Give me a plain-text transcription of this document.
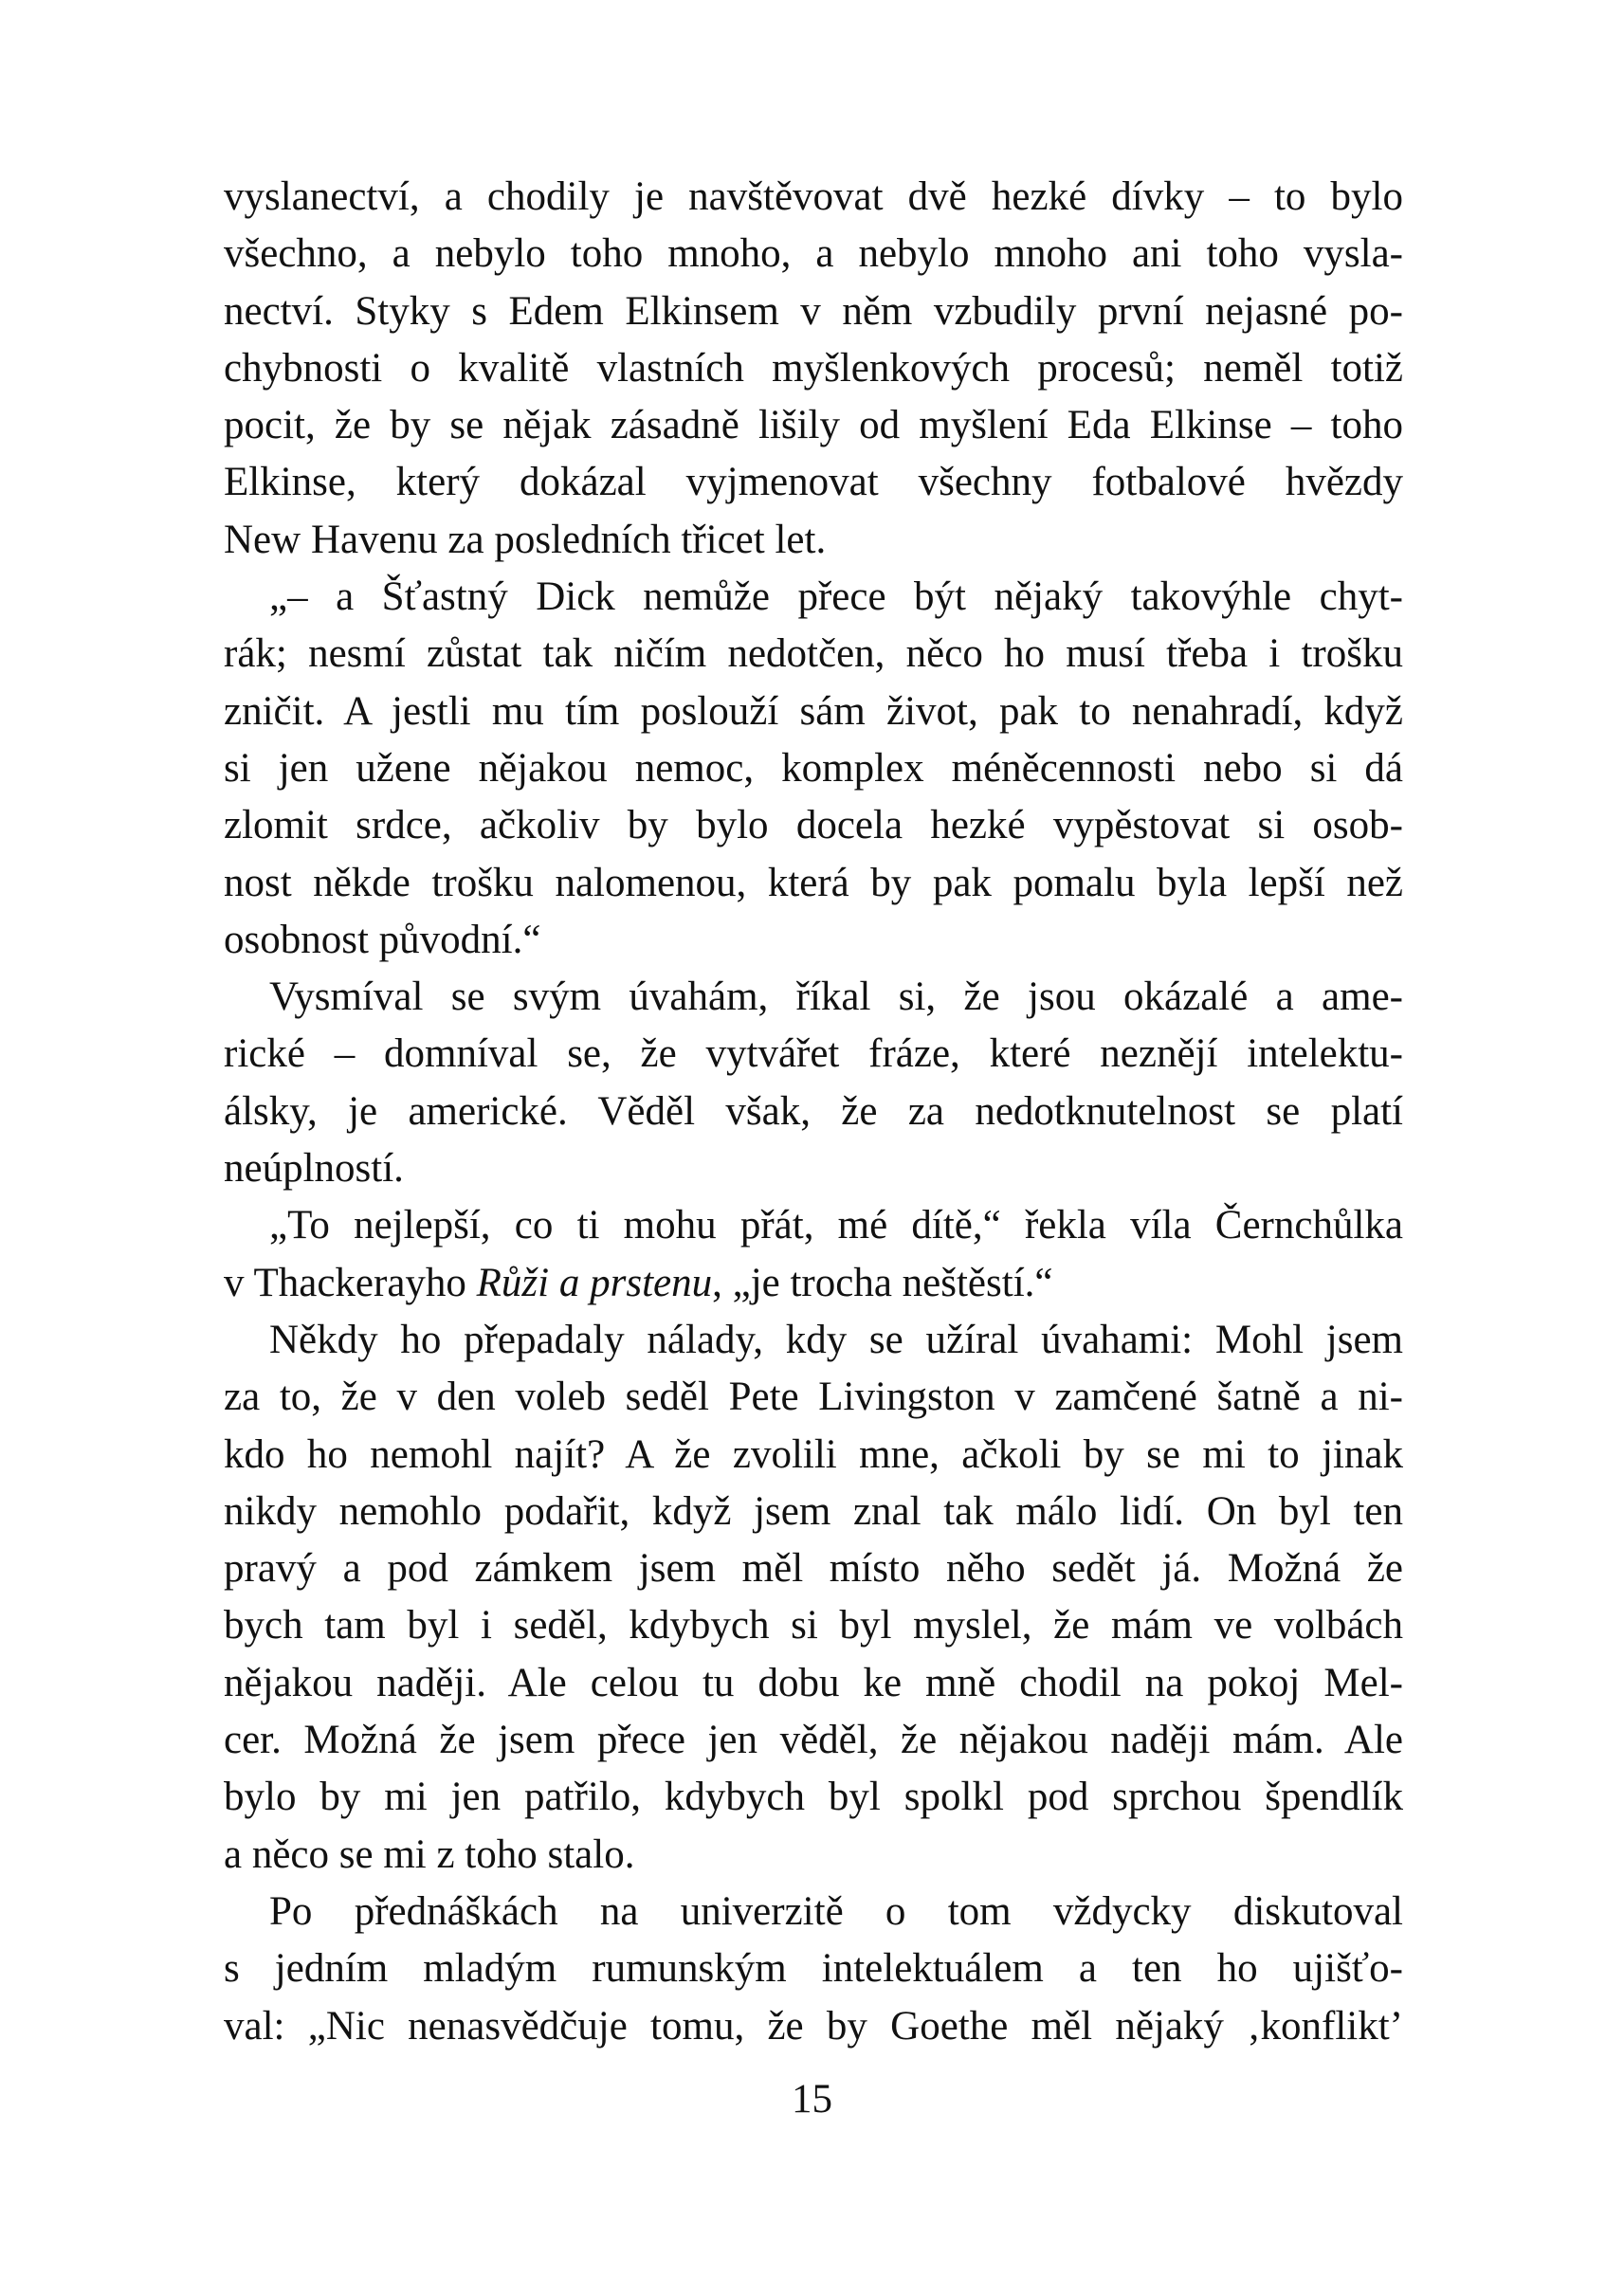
vyslanectví, a chodily je navštěvovat dvě hezké dívky – to bylo
všechno, a nebylo toho mnoho, a nebylo mnoho ani toho vysla-
nectví. Styky s Edem Elkinsem v něm vzbudily první nejasné po-
chybnosti o kvalitě vlastních myšlenkových procesů; neměl totiž
pocit, že by se nějak zásadně lišily od myšlení Eda Elkinse – toho
Elkinse, který dokázal vyjmenovat všechny fotbalové hvězdy
New Havenu za posledních třicet let.
„– a Šťastný Dick nemůže přece být nějaký takovýhle chyt-
rák; nesmí zůstat tak ničím nedotčen, něco ho musí třeba i trošku
zničit. A jestli mu tím poslouží sám život, pak to nenahradí, když
si jen užene nějakou nemoc, komplex méněcennosti nebo si dá
zlomit srdce, ačkoliv by bylo docela hezké vypěstovat si osob-
nost někde trošku nalomenou, která by pak pomalu byla lepší než
osobnost původní.“
Vysmíval se svým úvahám, říkal si, že jsou okázalé a ame-
rické – domníval se, že vytvářet fráze, které neznějí intelektu-
álsky, je americké. Věděl však, že za nedotknutelnost se platí
neúplností.
„To nejlepší, co ti mohu přát, mé dítě,“ řekla víla Černchůlka
v Thackerayho Růži a prstenu, „je trocha neštěstí.“
Někdy ho přepadaly nálady, kdy se užíral úvahami: Mohl jsem
za to, že v den voleb seděl Pete Livingston v zamčené šatně a ni-
kdo ho nemohl najít? A že zvolili mne, ačkoli by se mi to jinak
nikdy nemohlo podařit, když jsem znal tak málo lidí. On byl ten
pravý a pod zámkem jsem měl místo něho sedět já. Možná že
bych tam byl i seděl, kdybych si byl myslel, že mám ve volbách
nějakou naději. Ale celou tu dobu ke mně chodil na pokoj Mel-
cer. Možná že jsem přece jen věděl, že nějakou naději mám. Ale
bylo by mi jen patřilo, kdybych byl spolkl pod sprchou špendlík
a něco se mi z toho stalo.
Po přednáškách na univerzitě o tom vždycky diskutoval
s jedním mladým rumunským intelektuálem a ten ho ujišťo-
val: „Nic nenasvědčuje tomu, že by Goethe měl nějaký ‚konflikt’
15
